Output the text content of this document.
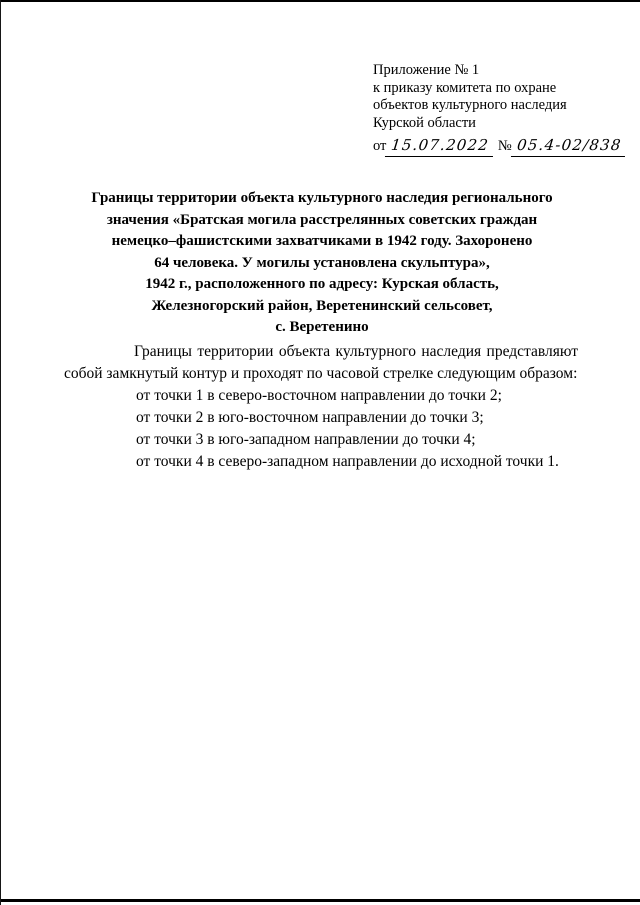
Приложение № 1
к приказу комитета по охране
объектов культурного наследия
Курской области
от 15.07.2022 № 05.4-02/838
Границы территории объекта культурного наследия регионального
значения «Братская могила расстрелянных советских граждан
немецко–фашистскими захватчиками в 1942 году. Захоронено
64 человека. У могилы установлена скульптура»,
1942 г., расположенного по адресу: Курская область,
Железногорский район, Веретенинский сельсовет,
с. Веретенино

Границы территории объекта культурного наследия представляют собой замкнутый контур и проходят по часовой стрелке следующим образом:

от точки 1 в северо-восточном направлении до точки 2;
от точки 2 в юго-восточном направлении до точки 3;
от точки 3 в юго-западном направлении до точки 4;
от точки 4 в северо-западном направлении до исходной точки 1.
